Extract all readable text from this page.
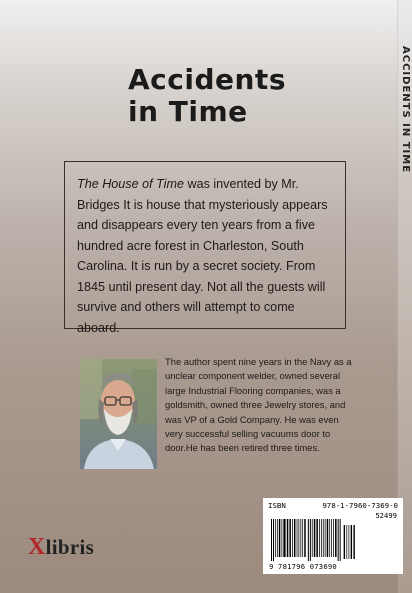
ACCIDENTS IN TIME
Accidents
in Time
The House of Time was invented by Mr. Bridges It is house that mysteriously appears and disappears every ten years from a five hundred acre forest in Charleston, South Carolina. It is run by a secret society. From 1845 until present day. Not all the guests will survive and others will attempt to come aboard.
The author spent nine years in the Navy as a unclear component welder, owned several large Industrial Flooring companies, was a goldsmith, owned three Jewelry stores, and was VP of a Gold Company. He was even very successful selling vacuums door to door.He has been retired three times.
Xlibris
ISBN	978-1-7960-7369-0
52499
9 781796 073690
